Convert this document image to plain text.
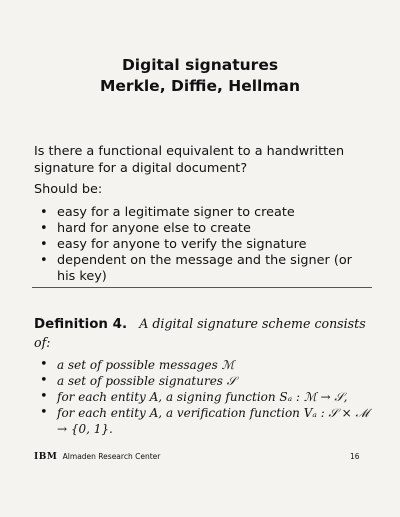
Digital signatures
Merkle, Diffie, Hellman
Is there a functional equivalent to a handwritten signature for a digital document?
Should be:
• easy for a legitimate signer to create
• hard for anyone else to create
• easy for anyone to verify the signature
• dependent on the message and the signer (or his key)
Definition 4. A digital signature scheme consists of:
• a set of possible messages ℳ
• a set of possible signatures 𝒮
• for each entity A, a signing function Sₐ : ℳ → 𝒮,
• for each entity A, a verification function Vₐ : 𝒮 × ℳ → {0, 1}.
IBM Almaden Research Center	16
